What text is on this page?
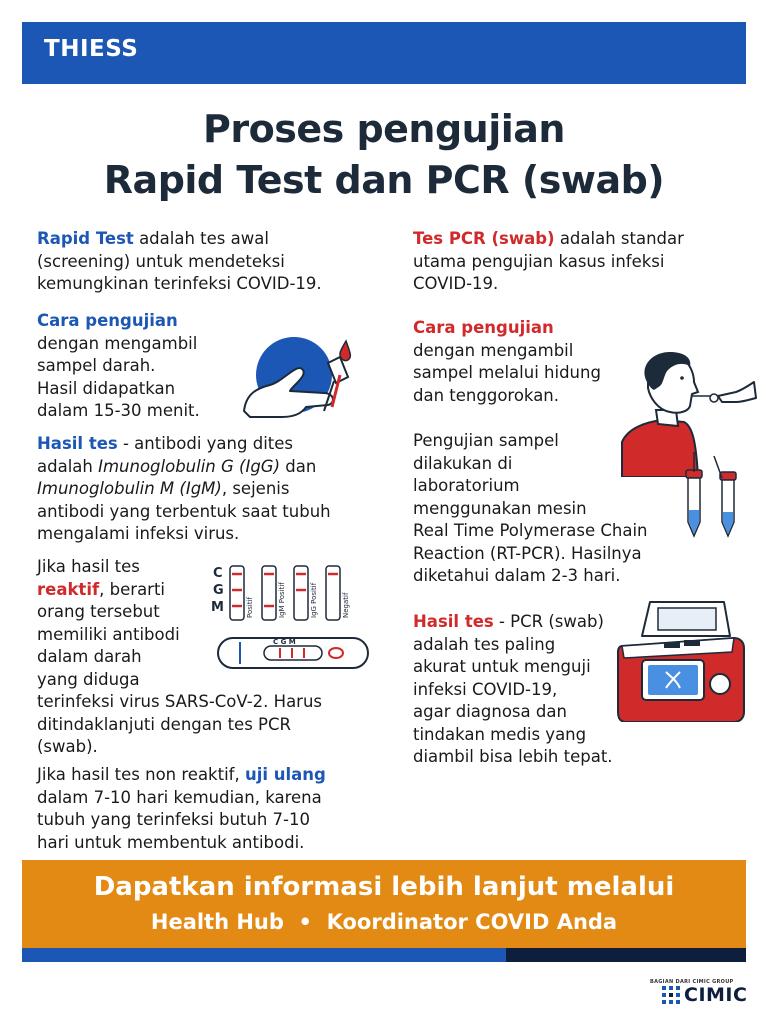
THIESS
Proses pengujian
Rapid Test dan PCR (swab)
Rapid Test adalah tes awal
(screening) untuk mendeteksi
kemungkinan terinfeksi COVID-19.
Cara pengujian
dengan mengambil
sampel darah.
Hasil didapatkan
dalam 15-30 menit.
Hasil tes - antibodi yang dites
adalah Imunoglobulin G (IgG) dan
Imunoglobulin M (IgM), sejenis
antibodi yang terbentuk saat tubuh
mengalami infeksi virus.
Jika hasil tes
reaktif, berarti
orang tersebut
memiliki antibodi
dalam darah
yang diduga
terinfeksi virus SARS-CoV-2. Harus
ditindaklanjuti dengan tes PCR
(swab).
Jika hasil tes non reaktif, uji ulang
dalam 7-10 hari kemudian, karena
tubuh yang terinfeksi butuh 7-10
hari untuk membentuk antibodi.
Tes PCR (swab) adalah standar
utama pengujian kasus infeksi
COVID-19.
Cara pengujian
dengan mengambil
sampel melalui hidung
dan tenggorokan.
Pengujian sampel
dilakukan di
laboratorium
menggunakan mesin
Real Time Polymerase Chain
Reaction (RT-PCR). Hasilnya
diketahui dalam 2-3 hari.
Hasil tes - PCR (swab)
adalah tes paling
akurat untuk menguji
infeksi COVID-19,
agar diagnosa dan
tindakan medis yang
diambil bisa lebih tepat.
C
G
M	Positif	IgM Positif	IgG Positif	Negatif
C G M
Dapatkan informasi lebih lanjut melalui
Health Hub  •  Koordinator COVID Anda
BAGIAN DARI CIMIC GROUP
CIMIC
